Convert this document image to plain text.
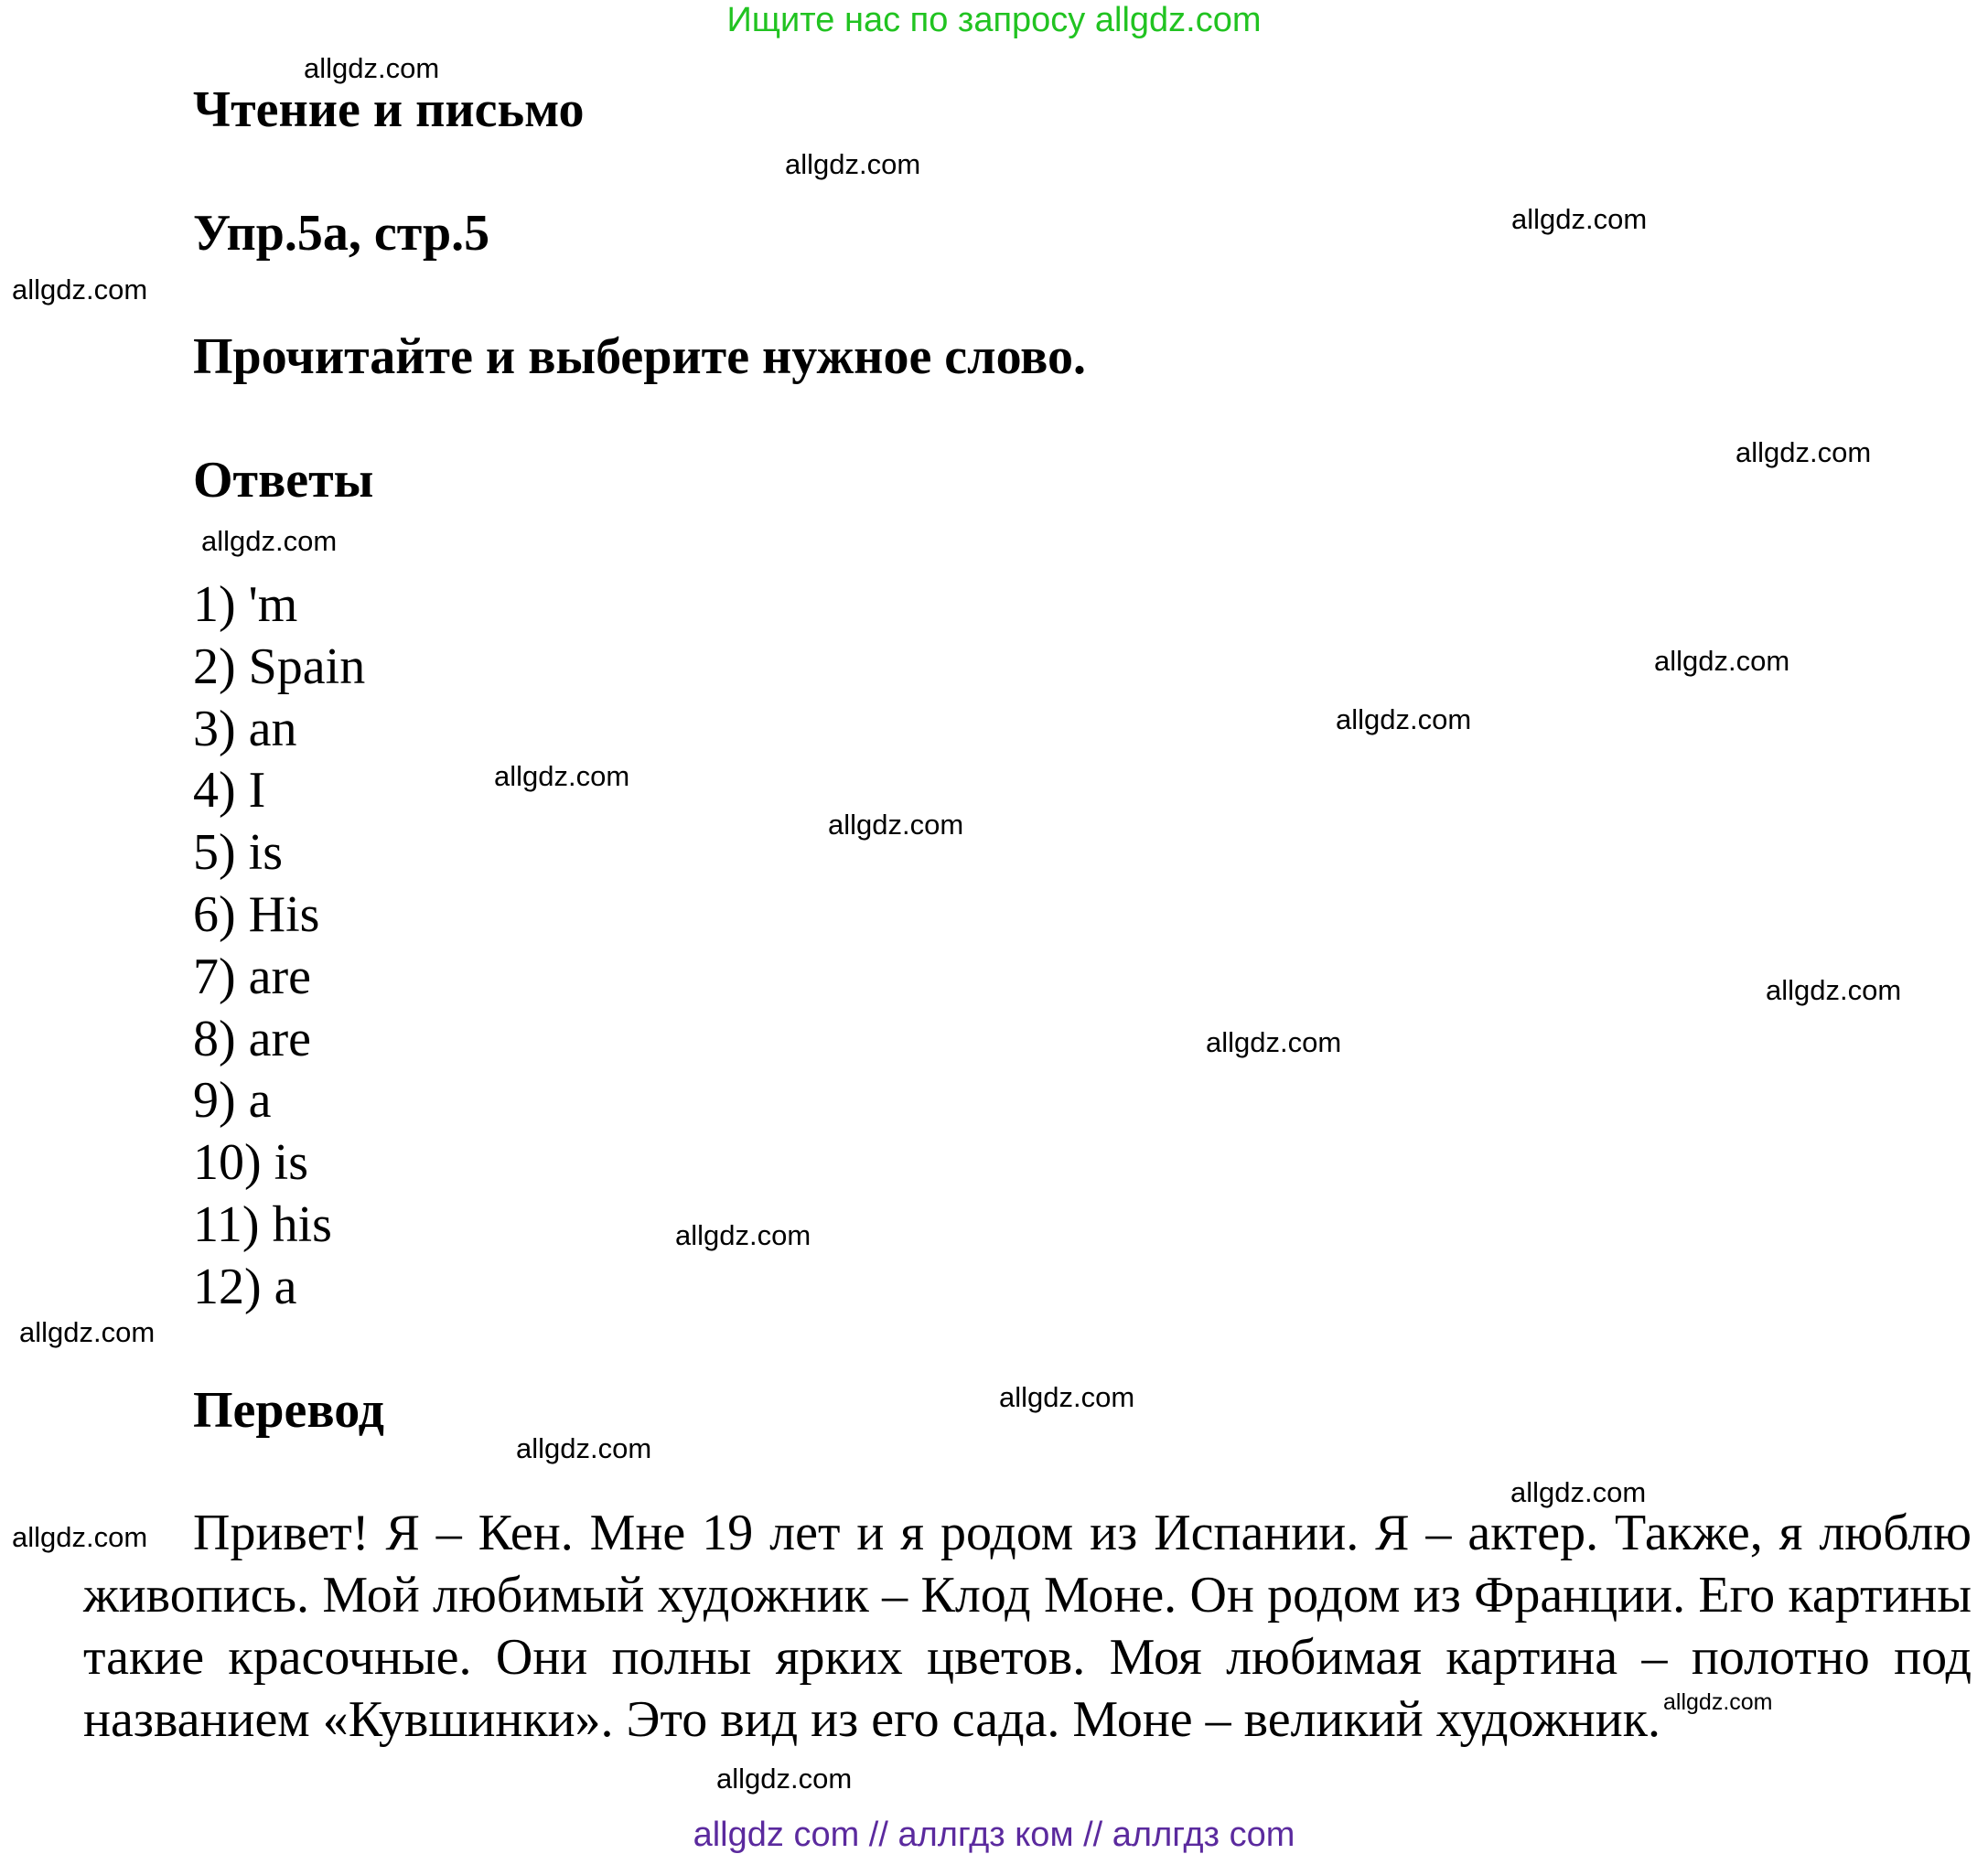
Ищите нас по запросу allgdz.com
Чтение и письмо
Упр.5а, стр.5
Прочитайте и выберите нужное слово.
Ответы
1) 'm
2) Spain
3) an
4) I
5) is
6) His
7) are
8) are
9) a
10) is
11) his
12) a
Перевод

Привет! Я – Кен. Мне 19 лет и я родом из Испании. Я – актер. Также, я люблю живопись. Мой любимый художник – Клод Моне. Он родом из Франции. Его картины такие красочные. Они полны ярких цветов. Моя любимая картина – полотно под названием «Кувшинки». Это вид из его сада. Моне – великий художник.

allgdz.com
allgdz.com
allgdz.com
allgdz.com
allgdz.com
allgdz.com
allgdz.com
allgdz.com
allgdz.com
allgdz.com
allgdz.com
allgdz.com
allgdz.com
allgdz.com
allgdz.com
allgdz.com
allgdz.com
allgdz.com
allgdz.com
allgdz.com
allgdz com // аллгдз ком // аллгдз com
